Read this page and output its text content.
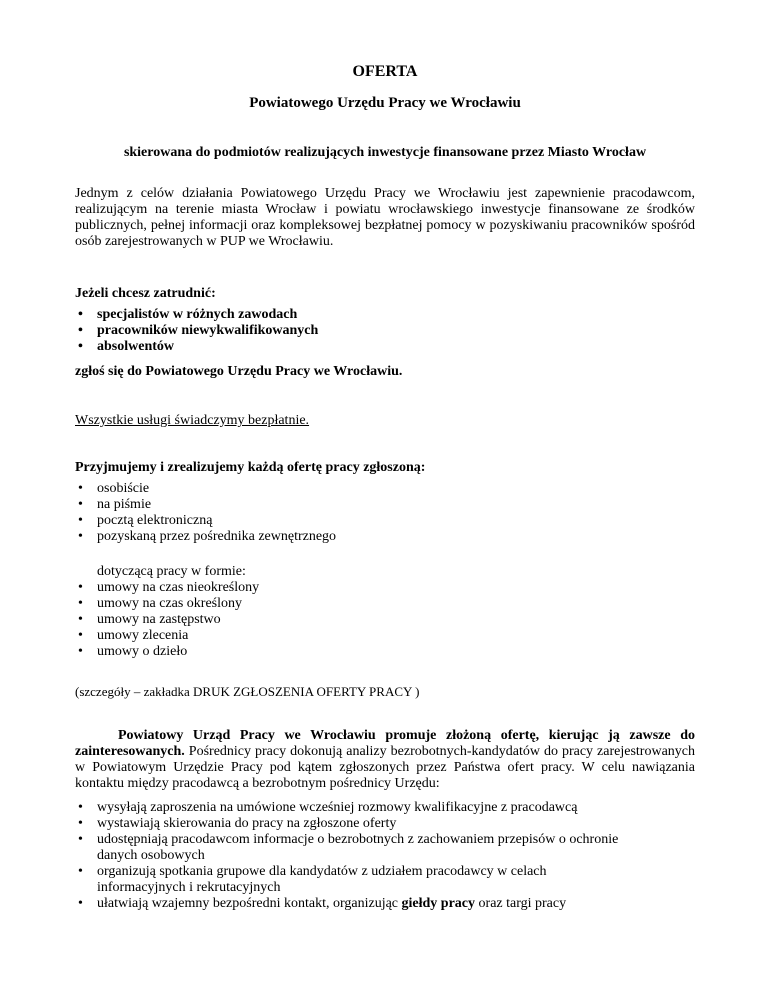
OFERTA
Powiatowego Urzędu Pracy we Wrocławiu
skierowana do podmiotów realizujących inwestycje finansowane przez Miasto Wrocław
Jednym z celów działania Powiatowego Urzędu Pracy we Wrocławiu jest zapewnienie pracodawcom, realizującym na terenie miasta Wrocław i powiatu wrocławskiego inwestycje finansowane ze środków publicznych, pełnej informacji oraz kompleksowej bezpłatnej pomocy w pozyskiwaniu pracowników spośród osób zarejestrowanych w PUP we Wrocławiu.
Jeżeli chcesz zatrudnić:
• specjalistów w różnych zawodach
• pracowników niewykwalifikowanych
• absolwentów
zgłoś się do Powiatowego Urzędu Pracy we Wrocławiu.
Wszystkie usługi świadczymy bezpłatnie.
Przyjmujemy i zrealizujemy każdą ofertę pracy zgłoszoną:
• osobiście
• na piśmie
• pocztą elektroniczną
• pozyskaną przez pośrednika zewnętrznego
dotyczącą pracy w formie:
• umowy na czas nieokreślony
• umowy na czas określony
• umowy na zastępstwo
• umowy zlecenia
• umowy o dzieło
(szczegóły – zakładka DRUK ZGŁOSZENIA OFERTY PRACY )
Powiatowy Urząd Pracy we Wrocławiu promuje złożoną ofertę, kierując ją zawsze do zainteresowanych. Pośrednicy pracy dokonują analizy bezrobotnych-kandydatów do pracy zarejestrowanych w Powiatowym Urzędzie Pracy pod kątem zgłoszonych przez Państwa ofert pracy. W celu nawiązania kontaktu między pracodawcą a bezrobotnym pośrednicy Urzędu:
• wysyłają zaproszenia na umówione wcześniej rozmowy kwalifikacyjne z pracodawcą
• wystawiają skierowania do pracy na zgłoszone oferty
• udostępniają pracodawcom informacje o bezrobotnych z zachowaniem przepisów o ochronie danych osobowych
• organizują spotkania grupowe dla kandydatów z udziałem pracodawcy w celach informacyjnych i rekrutacyjnych
• ułatwiają wzajemny bezpośredni kontakt, organizując giełdy pracy oraz targi pracy
